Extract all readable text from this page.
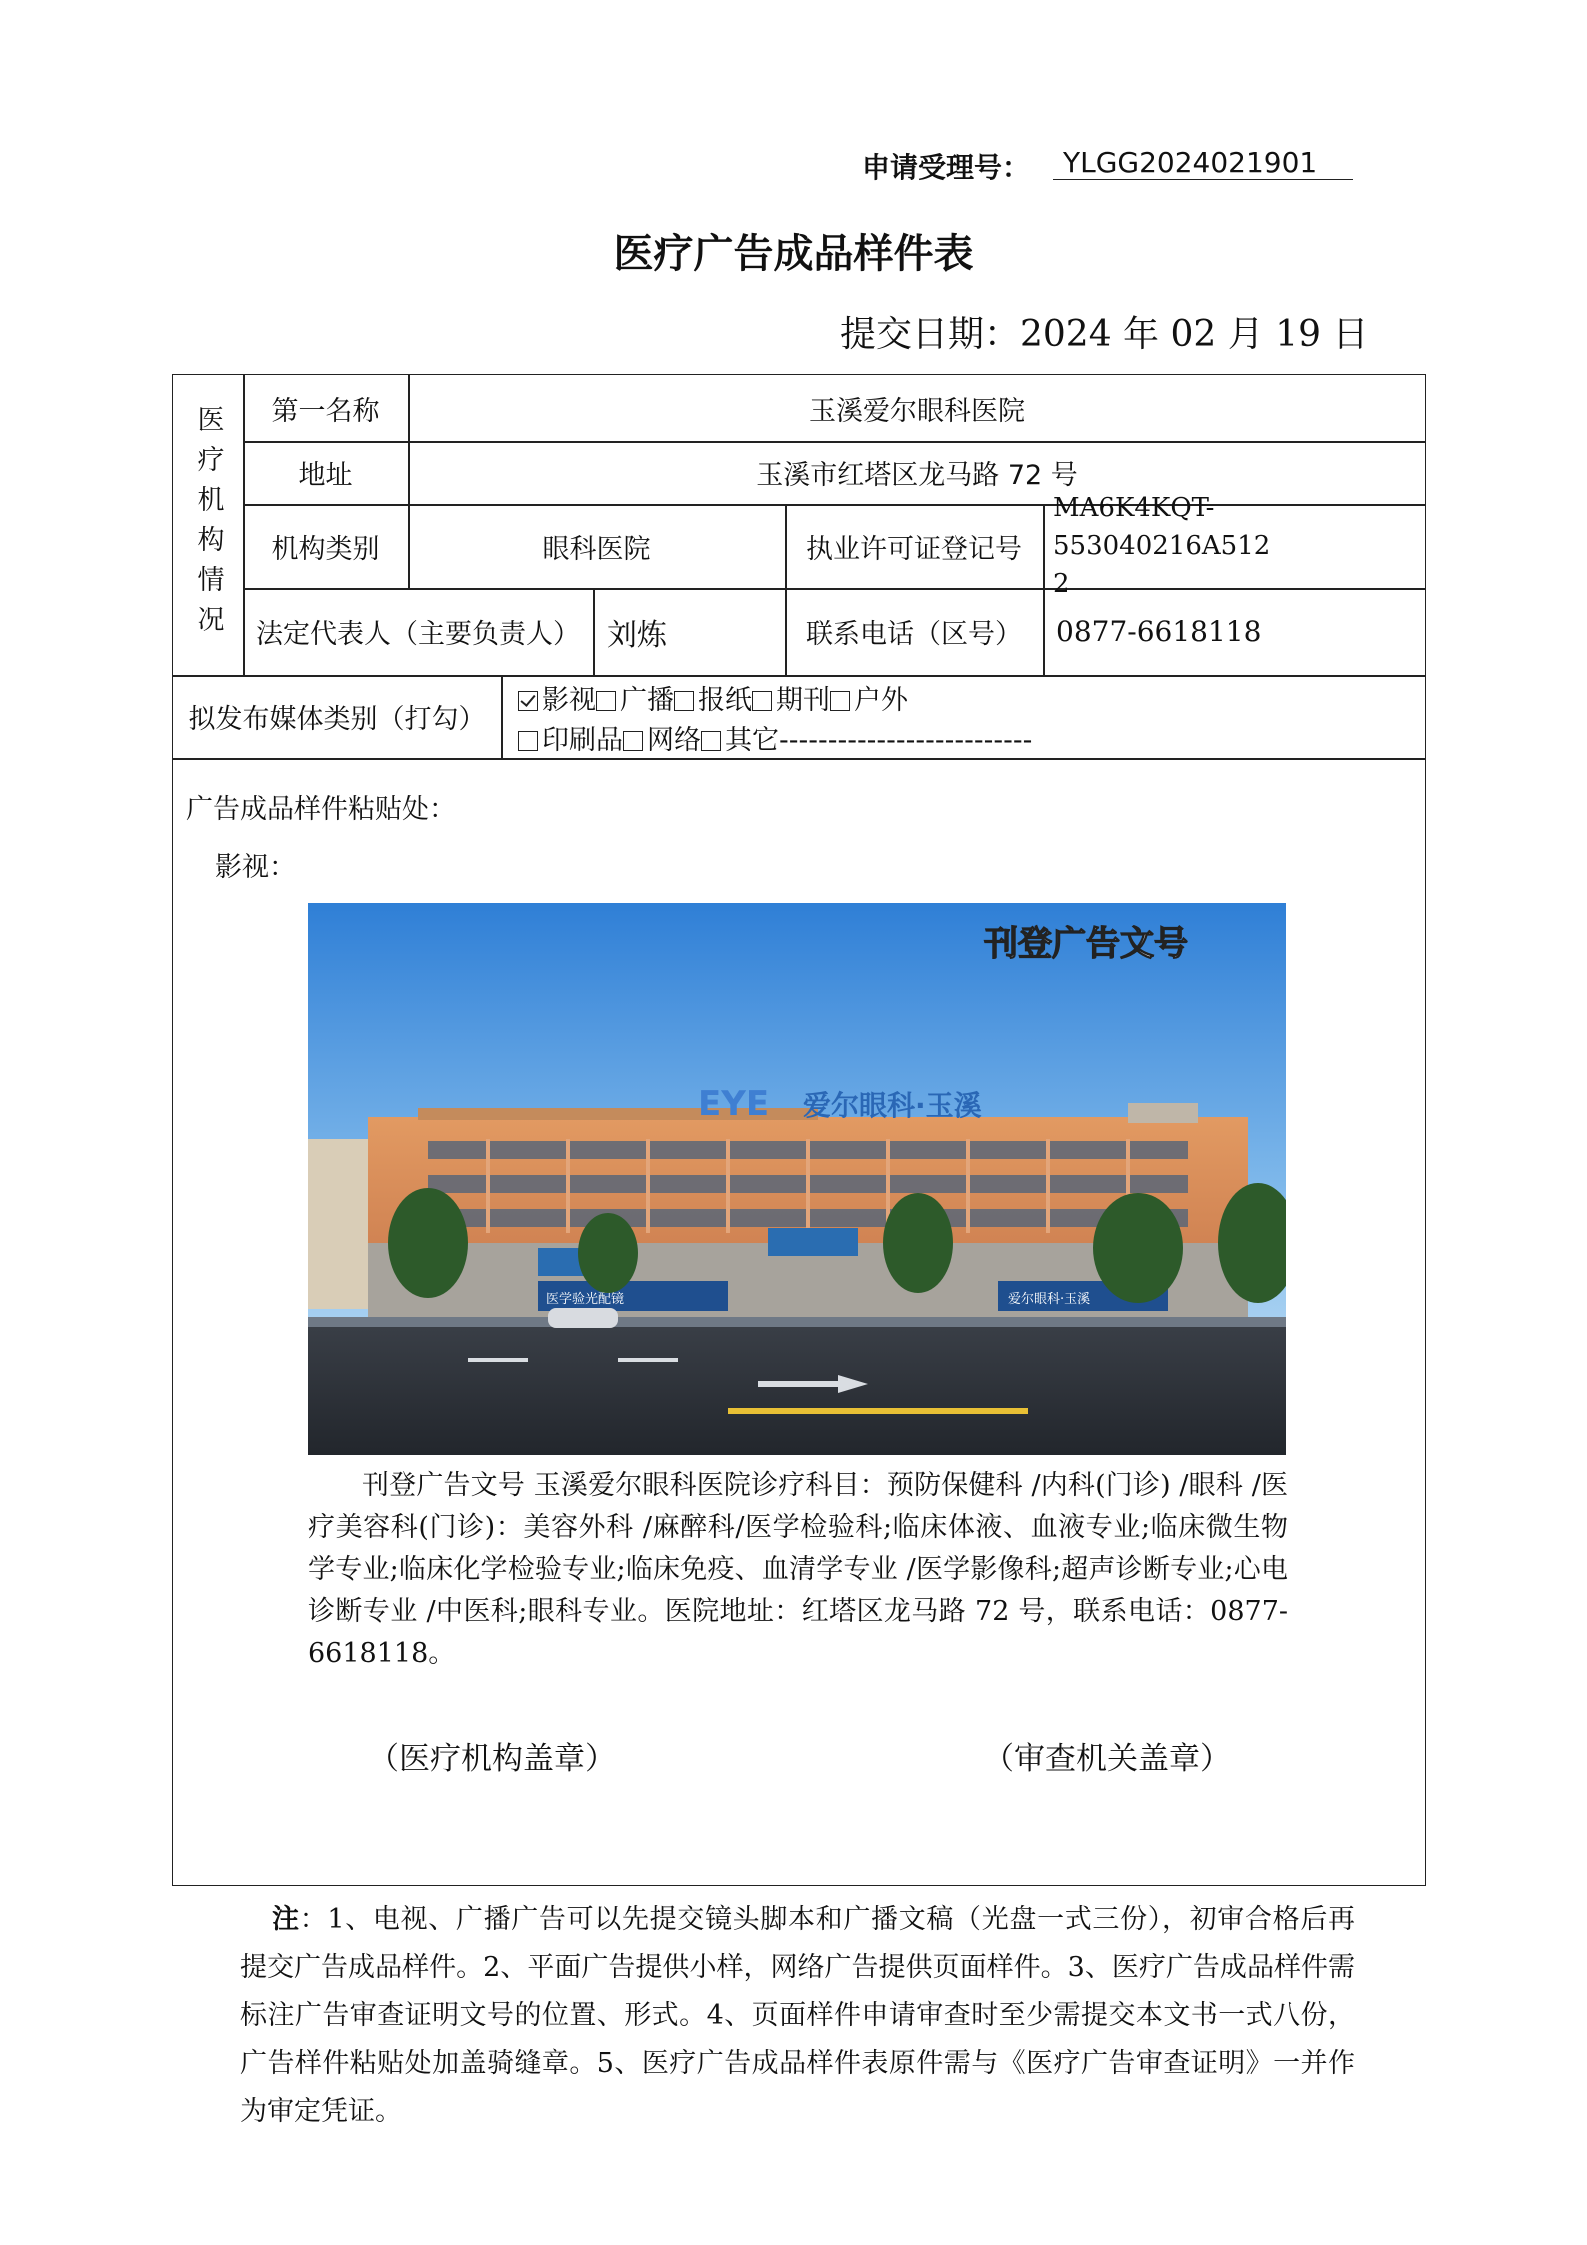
申请受理号：	YLGG2024021901
医疗广告成品样件表
提交日期：2024 年 02 月 19 日
医疗机构情况	第一名称	玉溪爱尔眼科医院
地址	玉溪市红塔区龙马路 72 号
机构类别	眼科医院	执业许可证登记号
MA6K4KQT-553040216A512
2
法定代表人（主要负责人） 刘炼	联系电话（区号）	0877-6618118
拟发布媒体类别（打勾）
影视 广播 报纸 期刊 户外
印刷品 网络 其它--------------------------
广告成品样件粘贴处：
影视：
EYE 爱尔眼科·玉溪
医学验光配镜	爱尔眼科·玉溪
刊登广告文号
刊登广告文号 玉溪爱尔眼科医院诊疗科目：预防保健科 /内科(门诊) /眼科 /医疗美容科(门诊)：美容外科 /麻醉科/医学检验科;临床体液、血液专业;临床微生物学专业;临床化学检验专业;临床免疫、血清学专业 /医学影像科;超声诊断专业;心电诊断专业 /中医科;眼科专业。医院地址：红塔区龙马路 72 号，联系电话：0877-6618118。
（医疗机构盖章）	（审查机关盖章）
注：1、电视、广播广告可以先提交镜头脚本和广播文稿（光盘一式三份），初审合格后再提交广告成品样件。2、平面广告提供小样，网络广告提供页面样件。3、医疗广告成品样件需标注广告审查证明文号的位置、形式。4、页面样件申请审查时至少需提交本文书一式八份，广告样件粘贴处加盖骑缝章。5、医疗广告成品样件表原件需与《医疗广告审查证明》一并作为审定凭证。
